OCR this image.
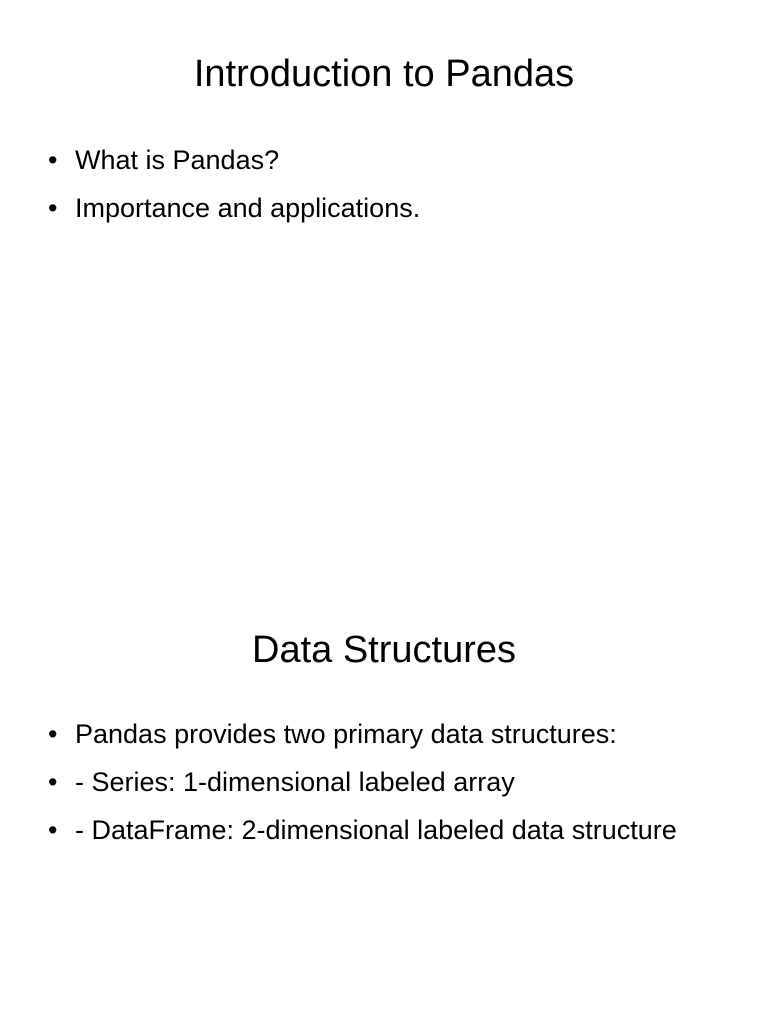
Introduction to Pandas
• What is Pandas?
• Importance and applications.
Data Structures
• Pandas provides two primary data structures:
• - Series: 1-dimensional labeled array
• - DataFrame: 2-dimensional labeled data structure
